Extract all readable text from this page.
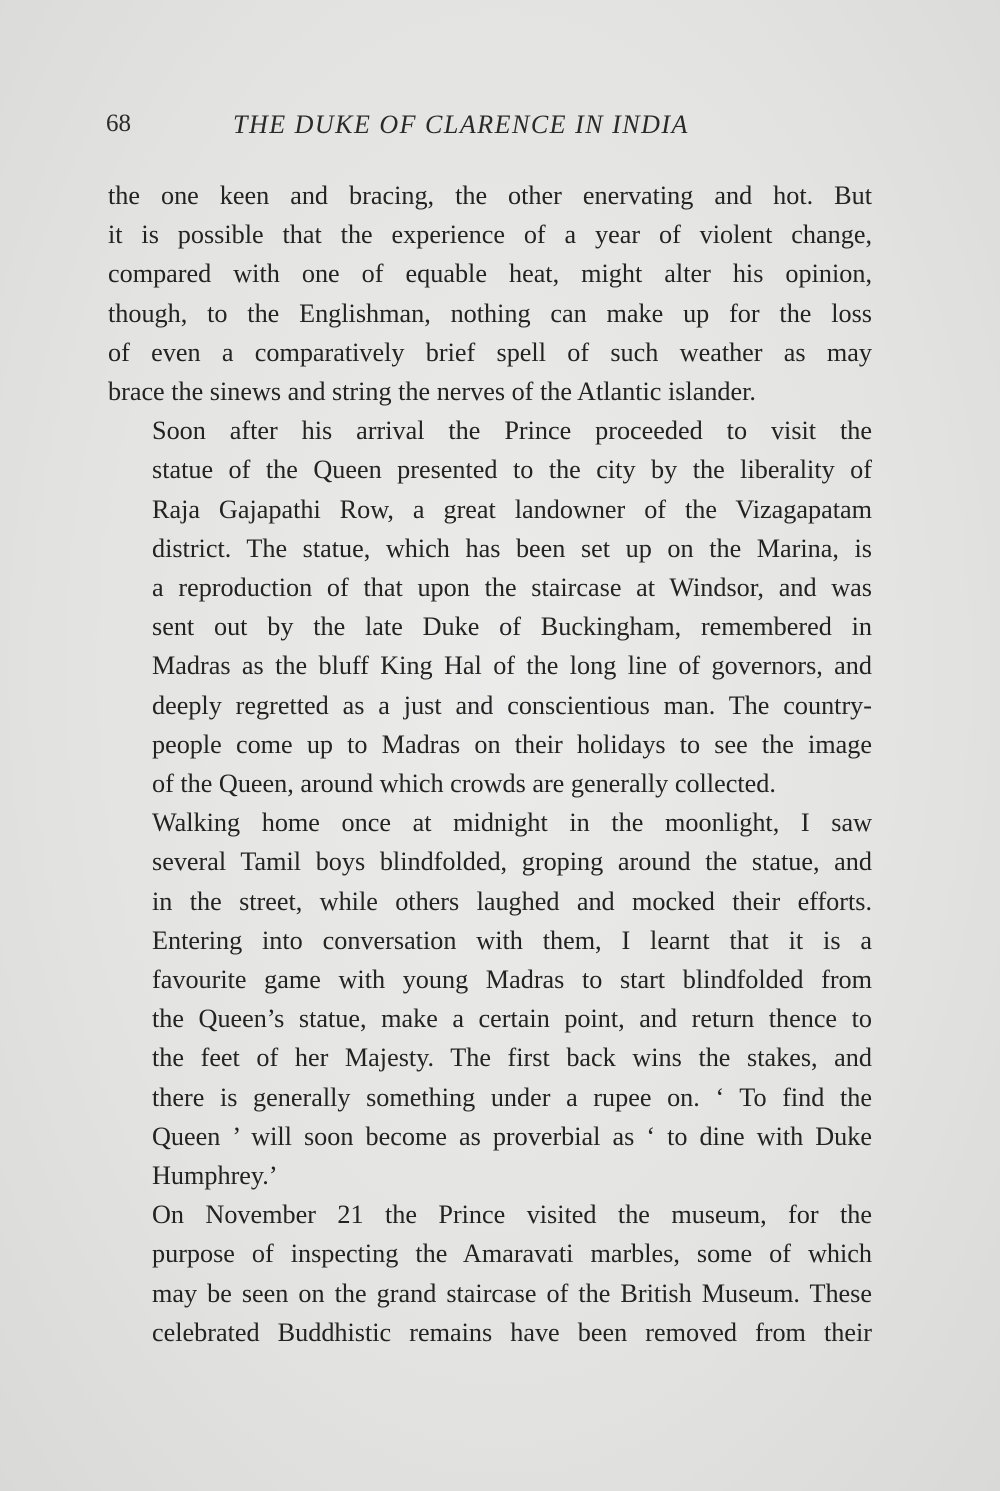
68	THE DUKE OF CLARENCE IN INDIA

the one keen and bracing, the other enervating and hot. But
it is possible that the experience of a year of violent change,
compared with one of equable heat, might alter his opinion,
though, to the Englishman, nothing can make up for the loss
of even a comparatively brief spell of such weather as may
brace the sinews and string the nerves of the Atlantic islander.

Soon after his arrival the Prince proceeded to visit the
statue of the Queen presented to the city by the liberality of
Raja Gajapathi Row, a great landowner of the Vizagapatam
district. The statue, which has been set up on the Marina, is
a reproduction of that upon the staircase at Windsor, and was
sent out by the late Duke of Buckingham, remembered in
Madras as the bluff King Hal of the long line of governors, and
deeply regretted as a just and conscientious man. The country-
people come up to Madras on their holidays to see the image
of the Queen, around which crowds are generally collected.

Walking home once at midnight in the moonlight, I saw
several Tamil boys blindfolded, groping around the statue, and
in the street, while others laughed and mocked their efforts.
Entering into conversation with them, I learnt that it is a
favourite game with young Madras to start blindfolded from
the Queen’s statue, make a certain point, and return thence to
the feet of her Majesty. The first back wins the stakes, and
there is generally something under a rupee on. ‘ To find the
Queen ’ will soon become as proverbial as ‘ to dine with Duke
Humphrey.’

On November 21 the Prince visited the museum, for the
purpose of inspecting the Amaravati marbles, some of which
may be seen on the grand staircase of the British Museum. These
celebrated Buddhistic remains have been removed from their
